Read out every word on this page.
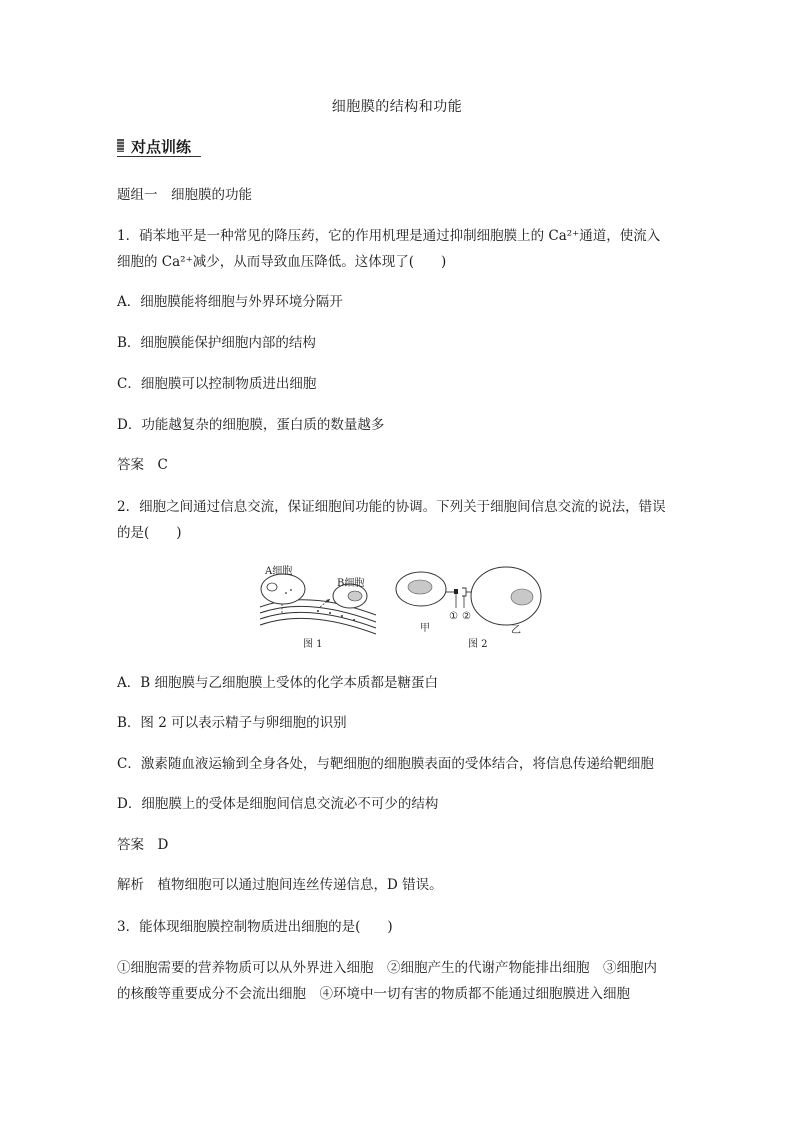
细胞膜的结构和功能
对点训练
题组一　细胞膜的功能
1．硝苯地平是一种常见的降压药，它的作用机理是通过抑制细胞膜上的 Ca²⁺通道，使流入
细胞的 Ca²⁺减少，从而导致血压降低。这体现了(　　)
A．细胞膜能将细胞与外界环境分隔开
B．细胞膜能保护细胞内部的结构
C．细胞膜可以控制物质进出细胞
D．功能越复杂的细胞膜，蛋白质的数量越多
答案　C
2．细胞之间通过信息交流，保证细胞间功能的协调。下列关于细胞间信息交流的说法，错误
的是(　　)
A细胞
B细胞
图 1
① ②
甲	乙
图 2
A．B 细胞膜与乙细胞膜上受体的化学本质都是糖蛋白
B．图 2 可以表示精子与卵细胞的识别
C．激素随血液运输到全身各处，与靶细胞的细胞膜表面的受体结合，将信息传递给靶细胞
D．细胞膜上的受体是细胞间信息交流必不可少的结构
答案　D
解析　植物细胞可以通过胞间连丝传递信息，D 错误。
3．能体现细胞膜控制物质进出细胞的是(　　)
①细胞需要的营养物质可以从外界进入细胞　②细胞产生的代谢产物能排出细胞　③细胞内
的核酸等重要成分不会流出细胞　④环境中一切有害的物质都不能通过细胞膜进入细胞
